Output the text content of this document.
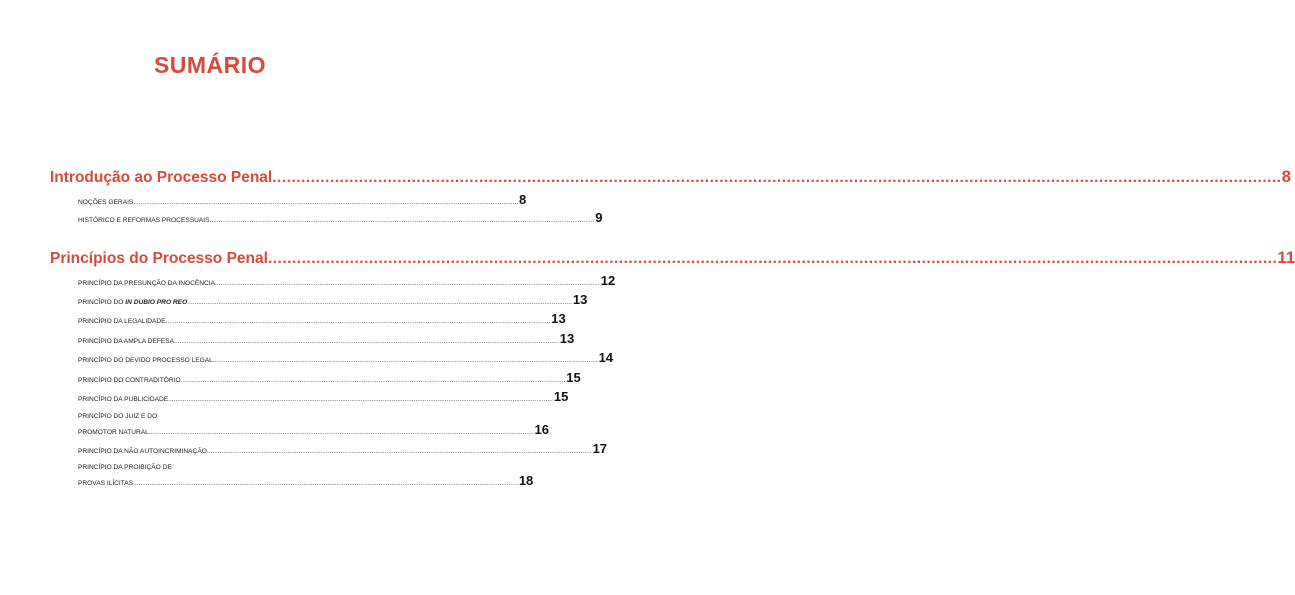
SUMÁRIO
Introdução ao Processo Penal .................................................................................................................................................................................................................. 8
NOÇÕES GERAIS .................................................................................................................................................................................................................. 8
HISTÓRICO E REFORMAS PROCESSUAIS .................................................................................................................................................................................................................. 9
Princípios do Processo Penal .................................................................................................................................................................................................................. 11
PRINCÍPIO DA PRESUNÇÃO DA INOCÊNCIA .................................................................................................................................................................................................................. 12
PRINCÍPIO DO IN DUBIO PRO REO .................................................................................................................................................................................................................. 13
PRINCÍPIO DA LEGALIDADE .................................................................................................................................................................................................................. 13
PRINCÍPIO DA AMPLA DEFESA .................................................................................................................................................................................................................. 13
PRINCÍPIO DO DEVIDO PROCESSO LEGAL .................................................................................................................................................................................................................. 14
PRINCÍPIO DO CONTRADITÓRIO .................................................................................................................................................................................................................. 15
PRINCÍPIO DA PUBLICIDADE .................................................................................................................................................................................................................. 15
PRINCÍPIO DO JUIZ E DO
PROMOTOR NATURAL .................................................................................................................................................................................................................. 16
PRINCÍPIO DA NÃO AUTOINCRIMINAÇÃO .................................................................................................................................................................................................................. 17
PRINCÍPIO DA PROIBIÇÃO DE
PROVAS ILÍCITAS .................................................................................................................................................................................................................. 18
